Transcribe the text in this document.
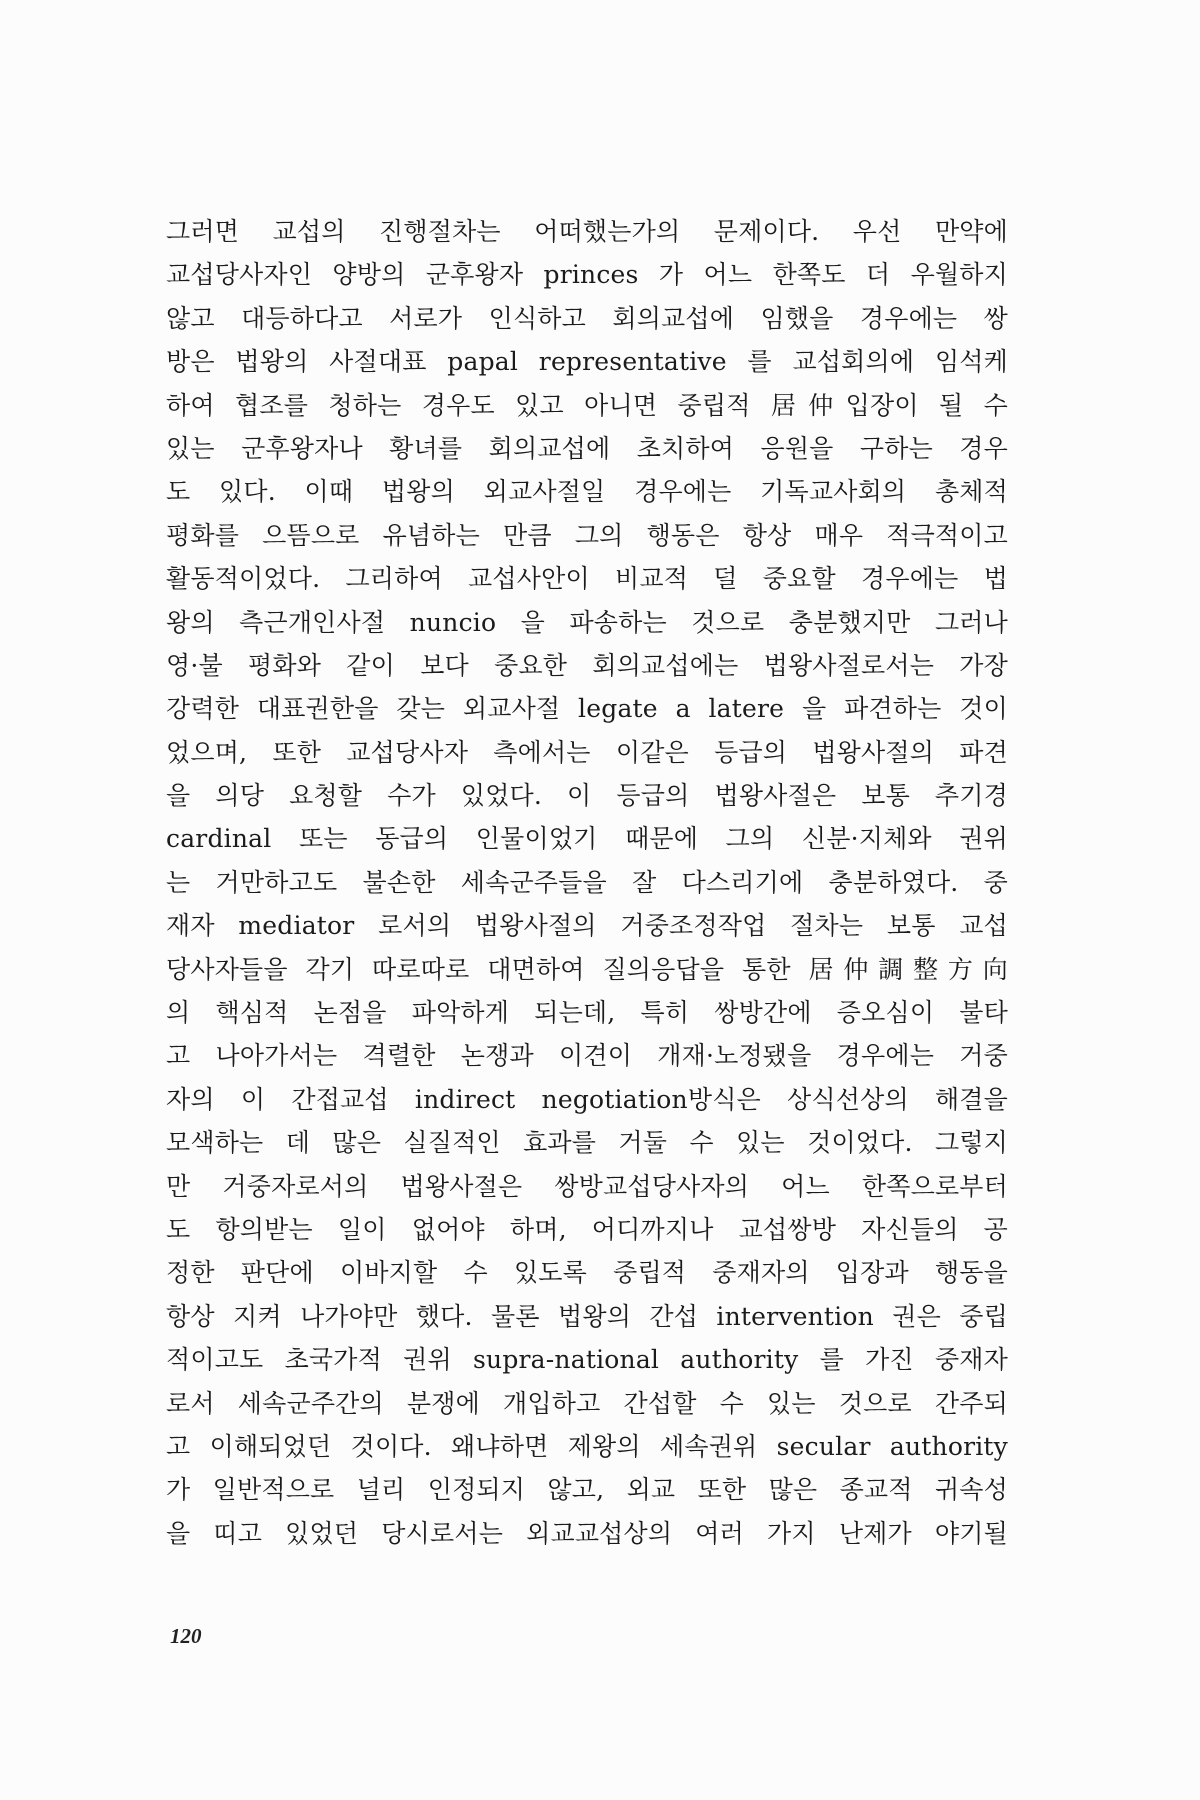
그러면 교섭의 진행절차는 어떠했는가의 문제이다. 우선 만약에
교섭당사자인 양방의 군후왕자 princes 가 어느 한쪽도 더 우월하지
않고 대등하다고 서로가 인식하고 회의교섭에 임했을 경우에는 쌍
방은 법왕의 사절대표 papal representative 를 교섭회의에 임석케
하여 협조를 청하는 경우도 있고 아니면 중립적 居仲입장이 될 수
있는 군후왕자나 황녀를 회의교섭에 초치하여 응원을 구하는 경우
도 있다. 이때 법왕의 외교사절일 경우에는 기독교사회의 총체적
평화를 으뜸으로 유념하는 만큼 그의 행동은 항상 매우 적극적이고
활동적이었다. 그리하여 교섭사안이 비교적 덜 중요할 경우에는 법
왕의 측근개인사절 nuncio 을 파송하는 것으로 충분했지만 그러나
영·불 평화와 같이 보다 중요한 회의교섭에는 법왕사절로서는 가장
강력한 대표권한을 갖는 외교사절 legate a latere 을 파견하는 것이
었으며, 또한 교섭당사자 측에서는 이같은 등급의 법왕사절의 파견
을 의당 요청할 수가 있었다. 이 등급의 법왕사절은 보통 추기경
cardinal 또는 동급의 인물이었기 때문에 그의 신분·지체와 권위
는 거만하고도 불손한 세속군주들을 잘 다스리기에 충분하였다. 중
재자 mediator 로서의 법왕사절의 거중조정작업 절차는 보통 교섭
당사자들을 각기 따로따로 대면하여 질의응답을 통한 居仲調整方向
의 핵심적 논점을 파악하게 되는데, 특히 쌍방간에 증오심이 불타
고 나아가서는 격렬한 논쟁과 이견이 개재·노정됐을 경우에는 거중
자의 이 간접교섭 indirect negotiation방식은 상식선상의 해결을
모색하는 데 많은 실질적인 효과를 거둘 수 있는 것이었다. 그렇지
만 거중자로서의 법왕사절은 쌍방교섭당사자의 어느 한쪽으로부터
도 항의받는 일이 없어야 하며, 어디까지나 교섭쌍방 자신들의 공
정한 판단에 이바지할 수 있도록 중립적 중재자의 입장과 행동을
항상 지켜 나가야만 했다. 물론 법왕의 간섭 intervention 권은 중립
적이고도 초국가적 권위 supra-national authority 를 가진 중재자
로서 세속군주간의 분쟁에 개입하고 간섭할 수 있는 것으로 간주되
고 이해되었던 것이다. 왜냐하면 제왕의 세속권위 secular authority
가 일반적으로 널리 인정되지 않고, 외교 또한 많은 종교적 귀속성
을 띠고 있었던 당시로서는 외교교섭상의 여러 가지 난제가 야기될
120
